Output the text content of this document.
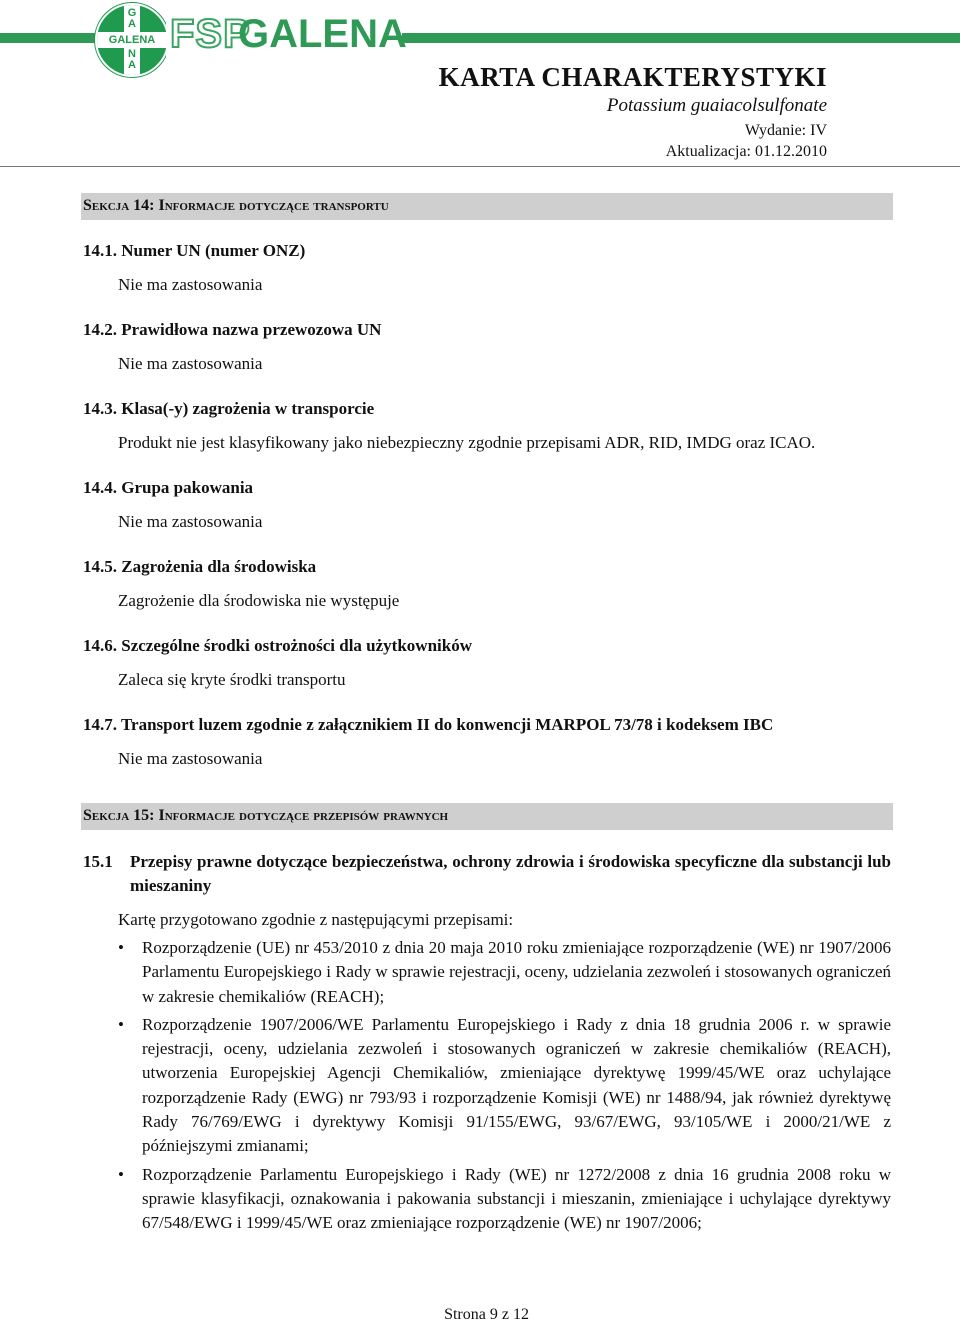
G
A
GALENA
N
A
FSP
GALENA
KARTA CHARAKTERYSTYKI
Potassium guaiacolsulfonate
Wydanie: IV
Aktualizacja: 01.12.2010
Sekcja 14: Informacje dotyczące transportu
14.1. Numer UN (numer ONZ)
Nie ma zastosowania
14.2. Prawidłowa nazwa przewozowa UN
Nie ma zastosowania
14.3. Klasa(-y) zagrożenia w transporcie
Produkt nie jest klasyfikowany jako niebezpieczny zgodnie przepisami ADR, RID, IMDG oraz ICAO.
14.4. Grupa pakowania
Nie ma zastosowania
14.5. Zagrożenia dla środowiska
Zagrożenie dla środowiska nie występuje
14.6. Szczególne środki ostrożności dla użytkowników
Zaleca się kryte środki transportu
14.7. Transport luzem zgodnie z załącznikiem II do konwencji MARPOL 73/78 i kodeksem IBC
Nie ma zastosowania
Sekcja 15: Informacje dotyczące przepisów prawnych
15.1 Przepisy prawne dotyczące bezpieczeństwa, ochrony zdrowia i środowiska specyficzne dla substancji lub mieszaniny
Kartę przygotowano zgodnie z następującymi przepisami:
• Rozporządzenie (UE) nr 453/2010 z dnia 20 maja 2010 roku zmieniające rozporządzenie (WE) nr 1907/2006 Parlamentu Europejskiego i Rady w sprawie rejestracji, oceny, udzielania zezwoleń i stosowanych ograniczeń w zakresie chemikaliów (REACH);
• Rozporządzenie 1907/2006/WE Parlamentu Europejskiego i Rady z dnia 18 grudnia 2006 r. w sprawie rejestracji, oceny, udzielania zezwoleń i stosowanych ograniczeń w zakresie chemikaliów (REACH), utworzenia Europejskiej Agencji Chemikaliów, zmieniające dyrektywę 1999/45/WE oraz uchylające rozporządzenie Rady (EWG) nr 793/93 i rozporządzenie Komisji (WE) nr 1488/94, jak również dyrektywę Rady 76/769/EWG i dyrektywy Komisji 91/155/EWG, 93/67/EWG, 93/105/WE i 2000/21/WE z późniejszymi zmianami;
• Rozporządzenie Parlamentu Europejskiego i Rady (WE) nr 1272/2008 z dnia 16 grudnia 2008 roku w sprawie klasyfikacji, oznakowania i pakowania substancji i mieszanin, zmieniające i uchylające dyrektywy 67/548/EWG i 1999/45/WE oraz zmieniające rozporządzenie (WE) nr 1907/2006;
Strona 9 z 12
